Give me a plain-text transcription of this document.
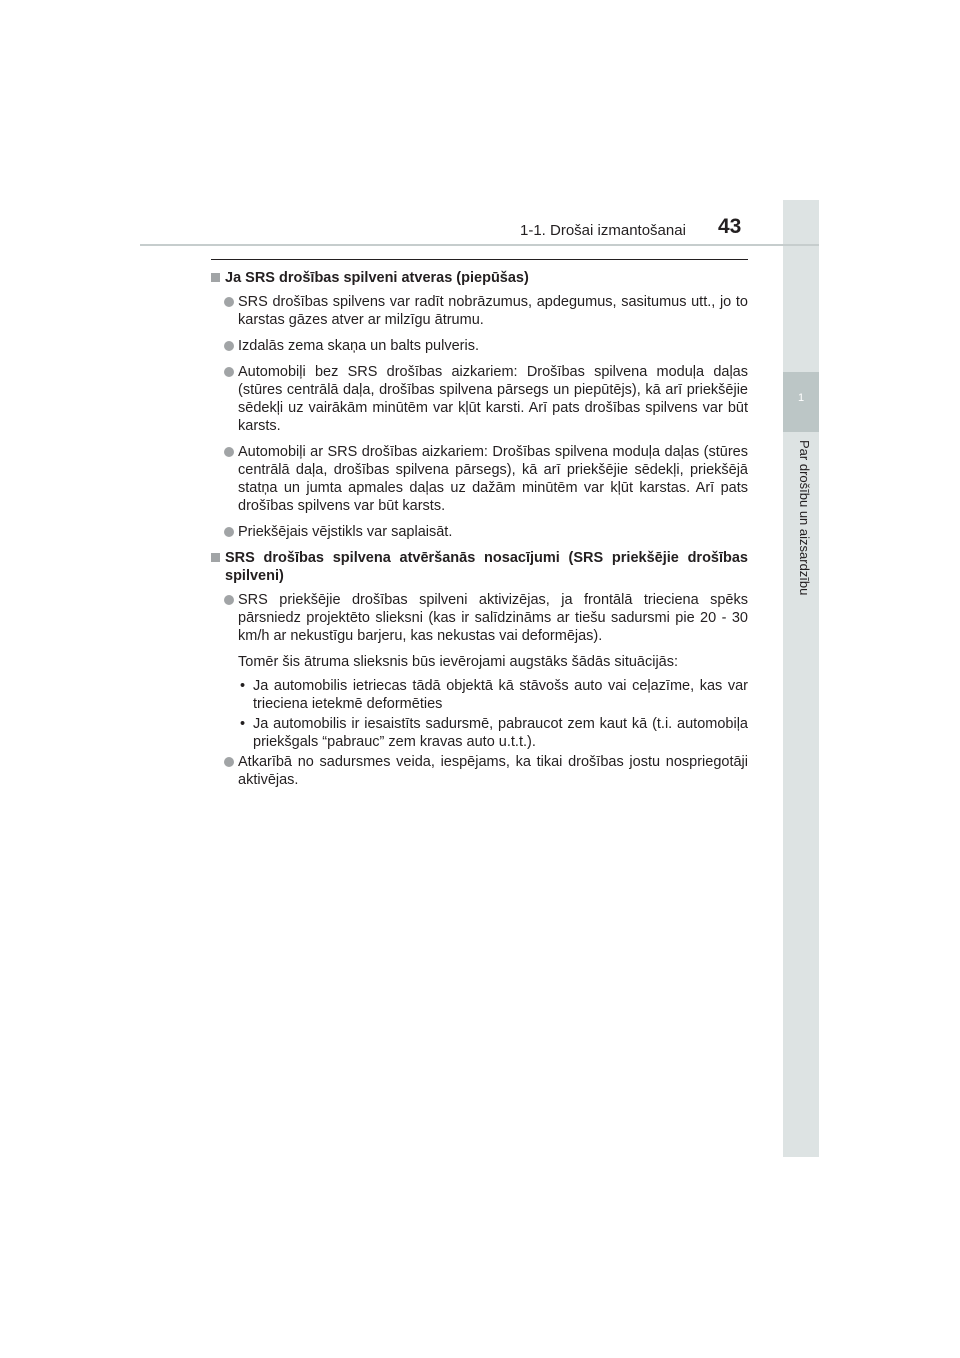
1
Par drošību un aizsardzību
1-1. Drošai izmantošanai 43
Ja SRS drošības spilveni atveras (piepūšas)
SRS drošības spilvens var radīt nobrāzumus, apdegumus, sasitumus utt., jo to karstas gāzes atver ar milzīgu ātrumu.
Izdalās zema skaņa un balts pulveris.
Automobiļi bez SRS drošības aizkariem: Drošības spilvena moduļa daļas (stūres centrālā daļa, drošības spilvena pārsegs un piepūtējs), kā arī priekšējie sēdekļi uz vairākām minūtēm var kļūt karsti. Arī pats drošības spilvens var būt karsts.
Automobiļi ar SRS drošības aizkariem: Drošības spilvena moduļa daļas (stūres centrālā daļa, drošības spilvena pārsegs), kā arī priekšējie sēdekļi, priekšējā statņa un jumta apmales daļas uz dažām minūtēm var kļūt karstas. Arī pats drošības spilvens var būt karsts.
Priekšējais vējstikls var saplaisāt.
SRS drošības spilvena atvēršanās nosacījumi (SRS priekšējie drošības spilveni)
SRS priekšējie drošības spilveni aktivizējas, ja frontālā trieciena spēks pārsniedz projektēto slieksni (kas ir salīdzināms ar tiešu sadursmi pie 20 - 30 km/h ar nekustīgu barjeru, kas nekustas vai deformējas).
Tomēr šis ātruma slieksnis būs ievērojami augstāks šādās situācijās:
• Ja automobilis ietriecas tādā objektā kā stāvošs auto vai ceļazīme, kas var trieciena ietekmē deformēties
• Ja automobilis ir iesaistīts sadursmē, pabraucot zem kaut kā (t.i. automobiļa priekšgals “pabrauc” zem kravas auto u.t.t.).
Atkarībā no sadursmes veida, iespējams, ka tikai drošības jostu nospriegotāji aktivējas.
